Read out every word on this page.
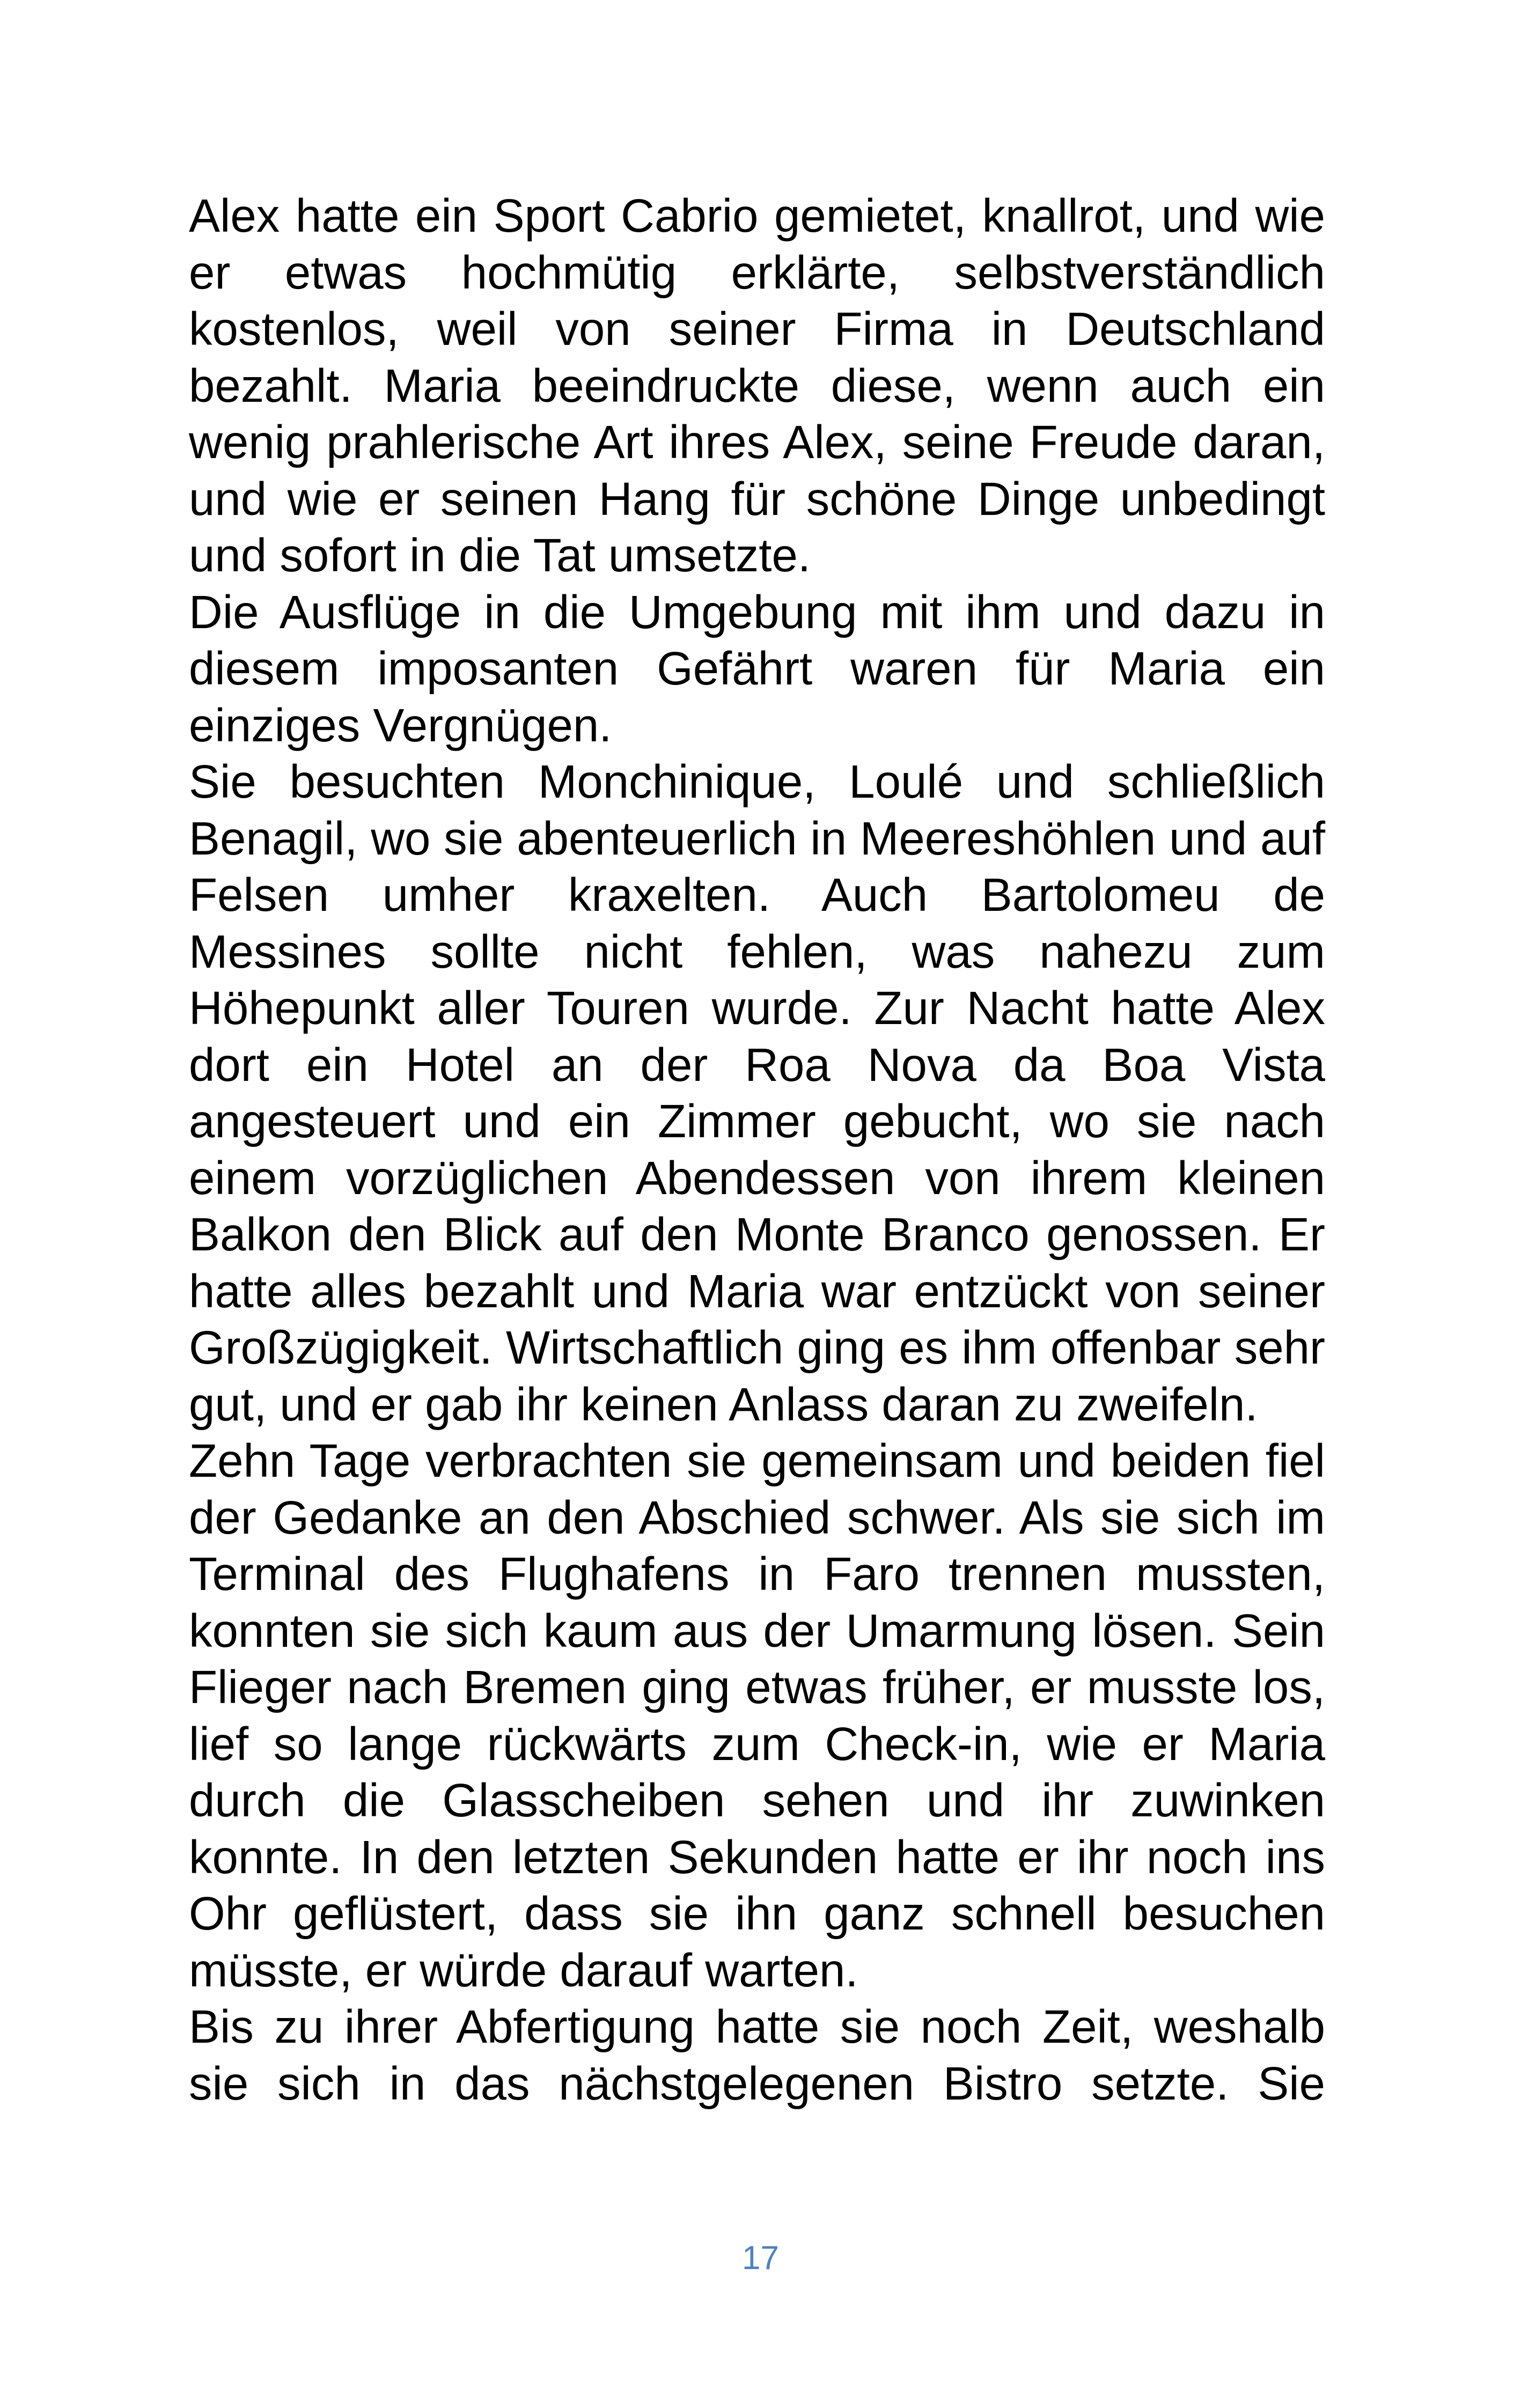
Alex hatte ein Sport Cabrio gemietet, knallrot, und wie er etwas hochmütig erklärte, selbstverständlich kostenlos, weil von seiner Firma in Deutschland bezahlt. Maria beeindruckte diese, wenn auch ein wenig prahlerische Art ihres Alex, seine Freude daran, und wie er seinen Hang für schöne Dinge unbedingt und sofort in die Tat umsetzte.

Die Ausflüge in die Umgebung mit ihm und dazu in diesem imposanten Gefährt waren für Maria ein einziges Vergnügen.

Sie besuchten Monchinique, Loulé und schließlich Benagil, wo sie abenteuerlich in Meereshöhlen und auf Felsen umher kraxelten. Auch Bartolomeu de Messines sollte nicht fehlen, was nahezu zum Höhepunkt aller Touren wurde. Zur Nacht hatte Alex dort ein Hotel an der Roa Nova da Boa Vista angesteuert und ein Zimmer gebucht, wo sie nach einem vorzüglichen Abendessen von ihrem kleinen Balkon den Blick auf den Monte Branco genossen. Er hatte alles bezahlt und Maria war entzückt von seiner Großzügigkeit. Wirtschaftlich ging es ihm offenbar sehr gut, und er gab ihr keinen Anlass daran zu zweifeln.

Zehn Tage verbrachten sie gemeinsam und beiden fiel der Gedanke an den Abschied schwer. Als sie sich im Terminal des Flughafens in Faro trennen mussten, konnten sie sich kaum aus der Umarmung lösen. Sein Flieger nach Bremen ging etwas früher, er musste los, lief so lange rückwärts zum Check-in, wie er Maria durch die Glasscheiben sehen und ihr zuwinken konnte. In den letzten Sekunden hatte er ihr noch ins Ohr geflüstert, dass sie ihn ganz schnell besuchen müsste, er würde darauf warten.

Bis zu ihrer Abfertigung hatte sie noch Zeit, weshalb sie sich in das nächstgelegenen Bistro setzte. Sie

17
